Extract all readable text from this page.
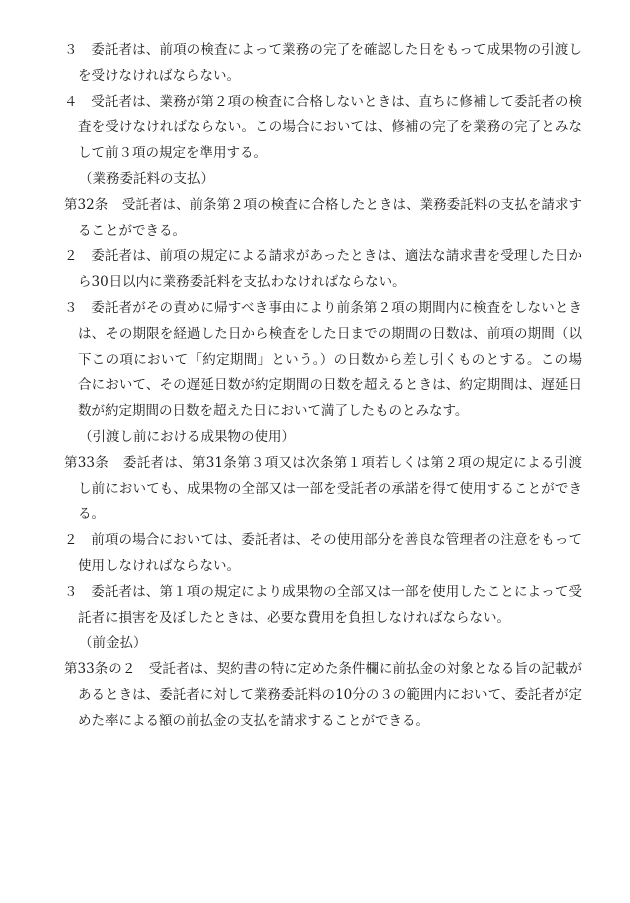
３　委託者は、前項の検査によって業務の完了を確認した日をもって成果物の引渡しを受けなければならない。

４　受託者は、業務が第２項の検査に合格しないときは、直ちに修補して委託者の検査を受けなければならない。この場合においては、修補の完了を業務の完了とみなして前３項の規定を準用する。

（業務委託料の支払）

第32条　受託者は、前条第２項の検査に合格したときは、業務委託料の支払を請求することができる。

２　委託者は、前項の規定による請求があったときは、適法な請求書を受理した日から30日以内に業務委託料を支払わなければならない。

３　委託者がその責めに帰すべき事由により前条第２項の期間内に検査をしないときは、その期限を経過した日から検査をした日までの期間の日数は、前項の期間（以下この項において「約定期間」という。）の日数から差し引くものとする。この場合において、その遅延日数が約定期間の日数を超えるときは、約定期間は、遅延日数が約定期間の日数を超えた日において満了したものとみなす。

（引渡し前における成果物の使用）

第33条　委託者は、第31条第３項又は次条第１項若しくは第２項の規定による引渡し前においても、成果物の全部又は一部を受託者の承諾を得て使用することができる。

２　前項の場合においては、委託者は、その使用部分を善良な管理者の注意をもって使用しなければならない。

３　委託者は、第１項の規定により成果物の全部又は一部を使用したことによって受託者に損害を及ぼしたときは、必要な費用を負担しなければならない。

（前金払）

第33条の２　受託者は、契約書の特に定めた条件欄に前払金の対象となる旨の記載があるときは、委託者に対して業務委託料の10分の３の範囲内において、委託者が定めた率による額の前払金の支払を請求することができる。
